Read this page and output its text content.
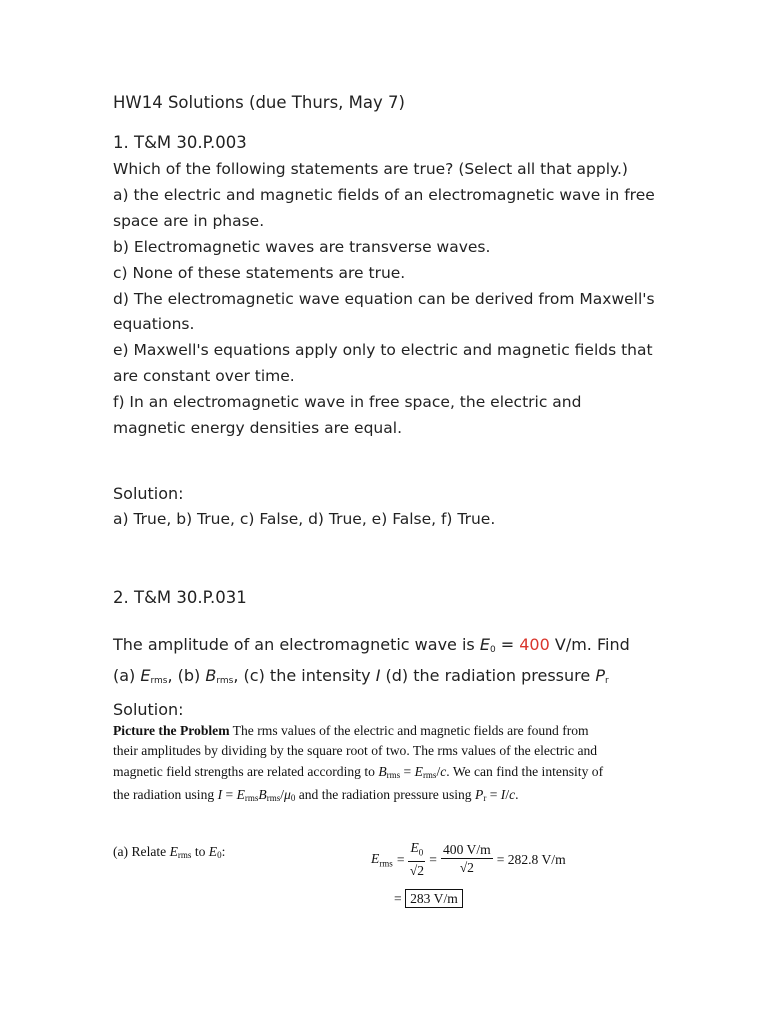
HW14 Solutions (due Thurs, May 7)
1. T&M 30.P.003

Which of the following statements are true? (Select all that apply.)

a) the electric and magnetic fields of an electromagnetic wave in free space are in phase.

b) Electromagnetic waves are transverse waves.

c) None of these statements are true.

d) The electromagnetic wave equation can be derived from Maxwell's equations.

e) Maxwell's equations apply only to electric and magnetic fields that are constant over time.

f) In an electromagnetic wave in free space, the electric and magnetic energy densities are equal.

Solution:
a) True, b) True, c) False, d) True, e) False, f) True.
2. T&M 30.P.031
The amplitude of an electromagnetic wave is $E_0 = 400$ V/m. Find
(a) $E_{rms}$, (b) $B_{rms}$, (c) the intensity I (d) the radiation pressure $P_r$
Solution:
Picture the Problem The rms values of the electric and magnetic fields are found from their amplitudes by dividing by the square root of two. The rms values of the electric and magnetic field strengths are related according to $B_{rms} = E_{rms}/c$. We can find the intensity of the radiation using $I = E_{rms}B_{rms}/\mu_0$ and the radiation pressure using $P_r = I/c$.
(a) Relate $E_{rms}$ to $E_0$:	$E_{rms} = \frac{E_0}{√2} = \frac{400 V/m}{√2} = 282.8$ V/m
= 283 V/m
